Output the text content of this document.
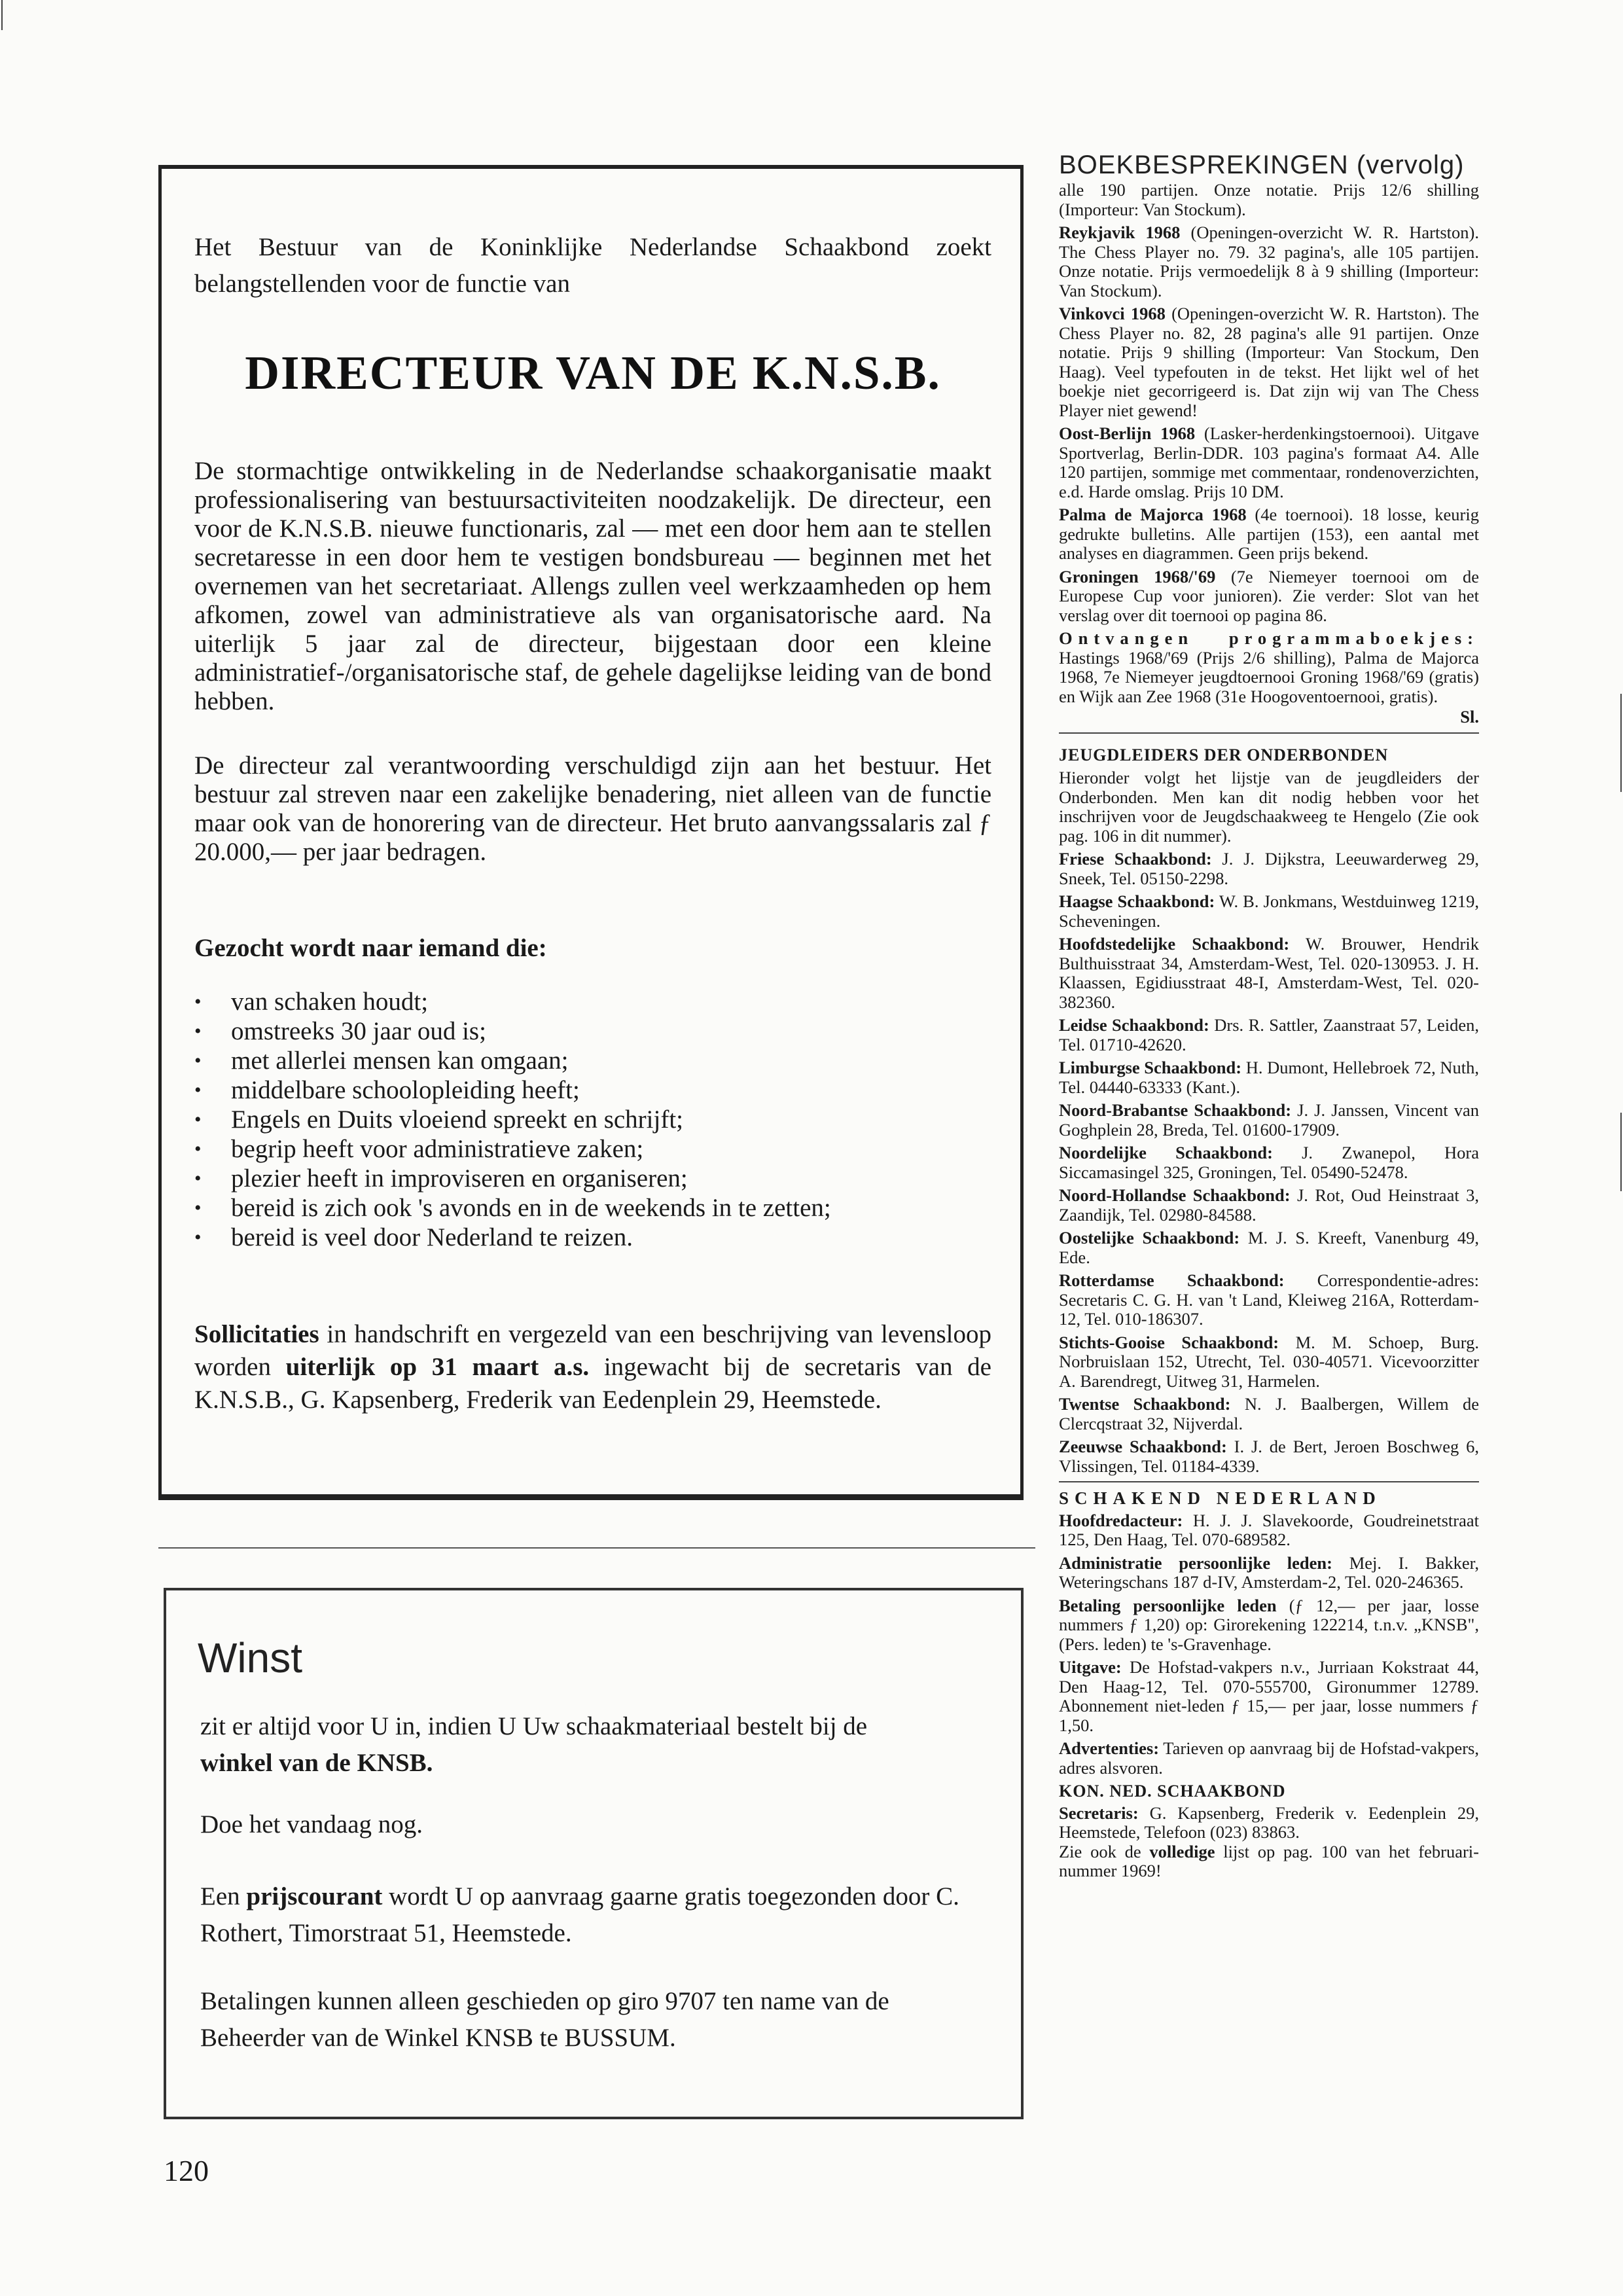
Het Bestuur van de Koninklijke Nederlandse Schaakbond zoekt belangstellenden voor de functie van
DIRECTEUR VAN DE K.N.S.B.
De stormachtige ontwikkeling in de Nederlandse schaakorganisatie maakt professionalisering van bestuursactiviteiten noodzakelijk. De directeur, een voor de K.N.S.B. nieuwe functionaris, zal — met een door hem aan te stellen secretaresse in een door hem te vestigen bondsbureau — beginnen met het overnemen van het secretariaat. Allengs zullen veel werkzaamheden op hem afkomen, zowel van administratieve als van organisatorische aard. Na uiterlijk 5 jaar zal de directeur, bijgestaan door een kleine administratief-/organisatorische staf, de gehele dagelijkse leiding van de bond hebben.
De directeur zal verantwoording verschuldigd zijn aan het bestuur. Het bestuur zal streven naar een zakelijke benadering, niet alleen van de functie maar ook van de honorering van de directeur. Het bruto aanvangssalaris zal ƒ 20.000,— per jaar bedragen.
Gezocht wordt naar iemand die:
• van schaken houdt;
• omstreeks 30 jaar oud is;
• met allerlei mensen kan omgaan;
• middelbare schoolopleiding heeft;
• Engels en Duits vloeiend spreekt en schrijft;
• begrip heeft voor administratieve zaken;
• plezier heeft in improviseren en organiseren;
• bereid is zich ook 's avonds en in de weekends in te zetten;
• bereid is veel door Nederland te reizen.
Sollicitaties in handschrift en vergezeld van een beschrijving van levensloop worden uiterlijk op 31 maart a.s. ingewacht bij de secretaris van de K.N.S.B., G. Kapsenberg, Frederik van Eedenplein 29, Heemstede.
Winst
zit er altijd voor U in, indien U Uw schaakmateriaal bestelt bij de
winkel van de KNSB.
Doe het vandaag nog.
Een prijscourant wordt U op aanvraag gaarne gratis toegezonden door C. Rothert, Timorstraat 51, Heemstede.
Betalingen kunnen alleen geschieden op giro 9707 ten name van de Beheerder van de Winkel KNSB te BUSSUM.
120
BOEKBESPREKINGEN (vervolg)

alle 190 partijen. Onze notatie. Prijs 12/6 shilling (Importeur: Van Stockum).

Reykjavik 1968 (Openingen-overzicht W. R. Hartston). The Chess Player no. 79. 32 pagina's, alle 105 partijen. Onze notatie. Prijs vermoedelijk 8 à 9 shilling (Importeur: Van Stockum).

Vinkovci 1968 (Openingen-overzicht W. R. Hartston). The Chess Player no. 82, 28 pagina's alle 91 partijen. Onze notatie. Prijs 9 shilling (Importeur: Van Stockum, Den Haag). Veel typefouten in de tekst. Het lijkt wel of het boekje niet gecorrigeerd is. Dat zijn wij van The Chess Player niet gewend!

Oost-Berlijn 1968 (Lasker-herdenkingstoernooi). Uitgave Sportverlag, Berlin-DDR. 103 pagina's formaat A4. Alle 120 partijen, sommige met commentaar, rondenoverzichten, e.d. Harde omslag. Prijs 10 DM.

Palma de Majorca 1968 (4e toernooi). 18 losse, keurig gedrukte bulletins. Alle partijen (153), een aantal met analyses en diagrammen. Geen prijs bekend.

Groningen 1968/'69 (7e Niemeyer toernooi om de Europese Cup voor junioren). Zie verder: Slot van het verslag over dit toernooi op pagina 86.

Ontvangen programmaboekjes: Hastings 1968/'69 (Prijs 2/6 shilling), Palma de Majorca 1968, 7e Niemeyer jeugdtoernooi Groning 1968/'69 (gratis) en Wijk aan Zee 1968 (31e Hoogoventoernooi, gratis).

Sl.
JEUGDLEIDERS DER ONDERBONDEN

Hieronder volgt het lijstje van de jeugdleiders der Onderbonden. Men kan dit nodig hebben voor het inschrijven voor de Jeugdschaakweeg te Hengelo (Zie ook pag. 106 in dit nummer).

Friese Schaakbond: J. J. Dijkstra, Leeuwarderweg 29, Sneek, Tel. 05150-2298.

Haagse Schaakbond: W. B. Jonkmans, Westduinweg 1219, Scheveningen.

Hoofdstedelijke Schaakbond: W. Brouwer, Hendrik Bulthuisstraat 34, Amsterdam-West, Tel. 020-130953. J. H. Klaassen, Egidiusstraat 48-I, Amsterdam-West, Tel. 020-382360.

Leidse Schaakbond: Drs. R. Sattler, Zaanstraat 57, Leiden, Tel. 01710-42620.

Limburgse Schaakbond: H. Dumont, Hellebroek 72, Nuth, Tel. 04440-63333 (Kant.).

Noord-Brabantse Schaakbond: J. J. Janssen, Vincent van Goghplein 28, Breda, Tel. 01600-17909.

Noordelijke Schaakbond: J. Zwanepol, Hora Siccamasingel 325, Groningen, Tel. 05490-52478.

Noord-Hollandse Schaakbond: J. Rot, Oud Heinstraat 3, Zaandijk, Tel. 02980-84588.

Oostelijke Schaakbond: M. J. S. Kreeft, Vanenburg 49, Ede.

Rotterdamse Schaakbond: Correspondentie-adres: Secretaris C. G. H. van 't Land, Kleiweg 216A, Rotterdam-12, Tel. 010-186307.

Stichts-Gooise Schaakbond: M. M. Schoep, Burg. Norbruislaan 152, Utrecht, Tel. 030-40571. Vicevoorzitter A. Barendregt, Uitweg 31, Harmelen.

Twentse Schaakbond: N. J. Baalbergen, Willem de Clercqstraat 32, Nijverdal.

Zeeuwse Schaakbond: I. J. de Bert, Jeroen Boschweg 6, Vlissingen, Tel. 01184-4339.

SCHAKEND NEDERLAND

Hoofdredacteur: H. J. J. Slavekoorde, Goudreinetstraat 125, Den Haag, Tel. 070-689582.

Administratie persoonlijke leden: Mej. I. Bakker, Weteringschans 187 d-IV, Amsterdam-2, Tel. 020-246365.

Betaling persoonlijke leden (ƒ 12,— per jaar, losse nummers ƒ 1,20) op: Girorekening 122214, t.n.v. „KNSB", (Pers. leden) te 's-Gravenhage.

Uitgave: De Hofstad-vakpers n.v., Jurriaan Kokstraat 44, Den Haag-12, Tel. 070-555700, Gironummer 12789. Abonnement niet-leden ƒ 15,— per jaar, losse nummers ƒ 1,50.

Advertenties: Tarieven op aanvraag bij de Hofstad-vakpers, adres alsvoren.

KON. NED. SCHAAKBOND

Secretaris: G. Kapsenberg, Frederik v. Eedenplein 29, Heemstede, Telefoon (023) 83863.
Zie ook de volledige lijst op pag. 100 van het februari-nummer 1969!
